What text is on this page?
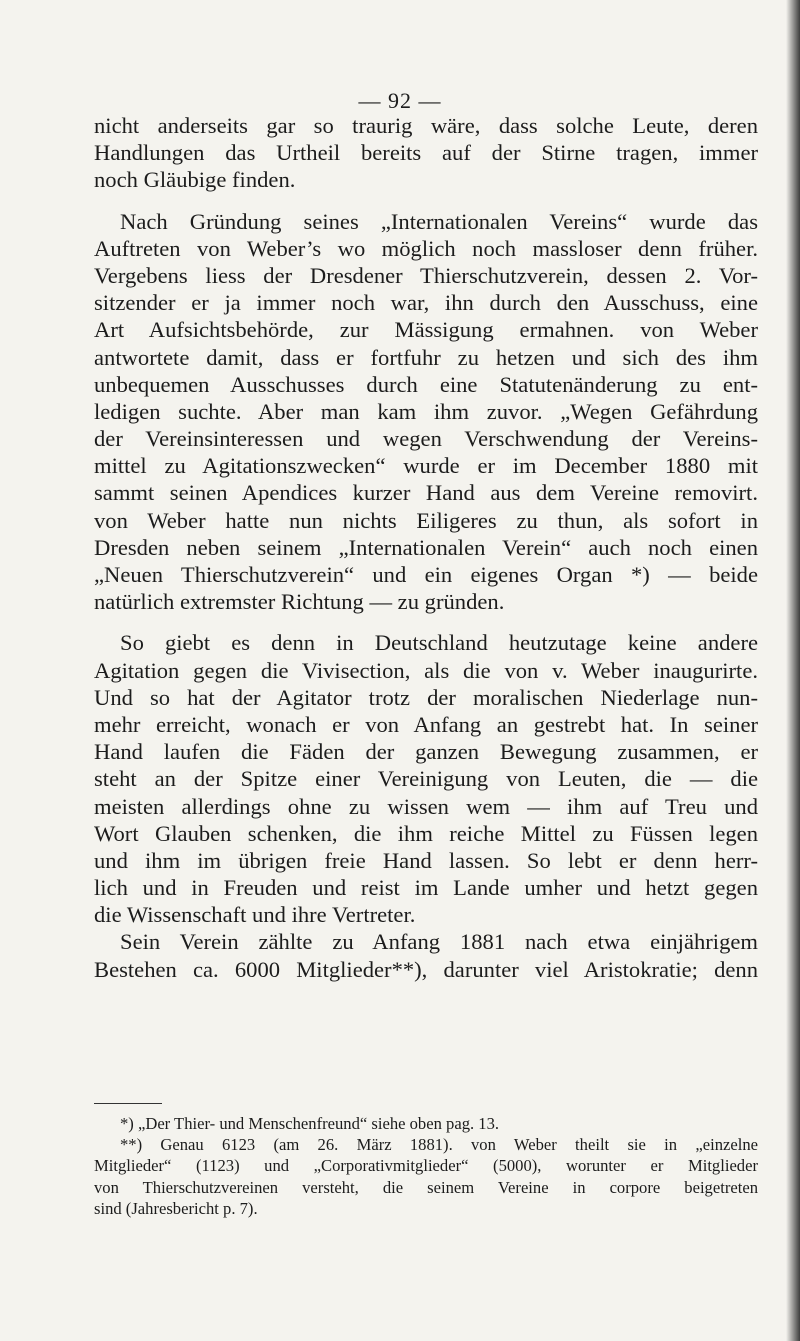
— 92 —
nicht anderseits gar so traurig wäre, dass solche Leute, deren
Handlungen das Urtheil bereits auf der Stirne tragen, immer
noch Gläubige finden.
Nach Gründung seines „Internationalen Vereins“ wurde das
Auftreten von Weber’s wo möglich noch massloser denn früher.
Vergebens liess der Dresdener Thierschutzverein, dessen 2. Vor-
sitzender er ja immer noch war, ihn durch den Ausschuss, eine
Art Aufsichtsbehörde, zur Mässigung ermahnen. von Weber
antwortete damit, dass er fortfuhr zu hetzen und sich des ihm
unbequemen Ausschusses durch eine Statutenänderung zu ent-
ledigen suchte. Aber man kam ihm zuvor. „Wegen Gefährdung
der Vereinsinteressen und wegen Verschwendung der Vereins-
mittel zu Agitationszwecken“ wurde er im December 1880 mit
sammt seinen Apendices kurzer Hand aus dem Vereine removirt.
von Weber hatte nun nichts Eiligeres zu thun, als sofort in
Dresden neben seinem „Internationalen Verein“ auch noch einen
„Neuen Thierschutzverein“ und ein eigenes Organ *) — beide
natürlich extremster Richtung — zu gründen.
So giebt es denn in Deutschland heutzutage keine andere
Agitation gegen die Vivisection, als die von v. Weber inaugurirte.
Und so hat der Agitator trotz der moralischen Niederlage nun-
mehr erreicht, wonach er von Anfang an gestrebt hat. In seiner
Hand laufen die Fäden der ganzen Bewegung zusammen, er
steht an der Spitze einer Vereinigung von Leuten, die — die
meisten allerdings ohne zu wissen wem — ihm auf Treu und
Wort Glauben schenken, die ihm reiche Mittel zu Füssen legen
und ihm im übrigen freie Hand lassen. So lebt er denn herr-
lich und in Freuden und reist im Lande umher und hetzt gegen
die Wissenschaft und ihre Vertreter.
Sein Verein zählte zu Anfang 1881 nach etwa einjährigem
Bestehen ca. 6000 Mitglieder**), darunter viel Aristokratie; denn
*) „Der Thier- und Menschenfreund“ siehe oben pag. 13.
**) Genau 6123 (am 26. März 1881). von Weber theilt sie in „einzelne
Mitglieder“ (1123) und „Corporativmitglieder“ (5000), worunter er Mitglieder
von Thierschutzvereinen versteht, die seinem Vereine in corpore beigetreten
sind (Jahresbericht p. 7).
